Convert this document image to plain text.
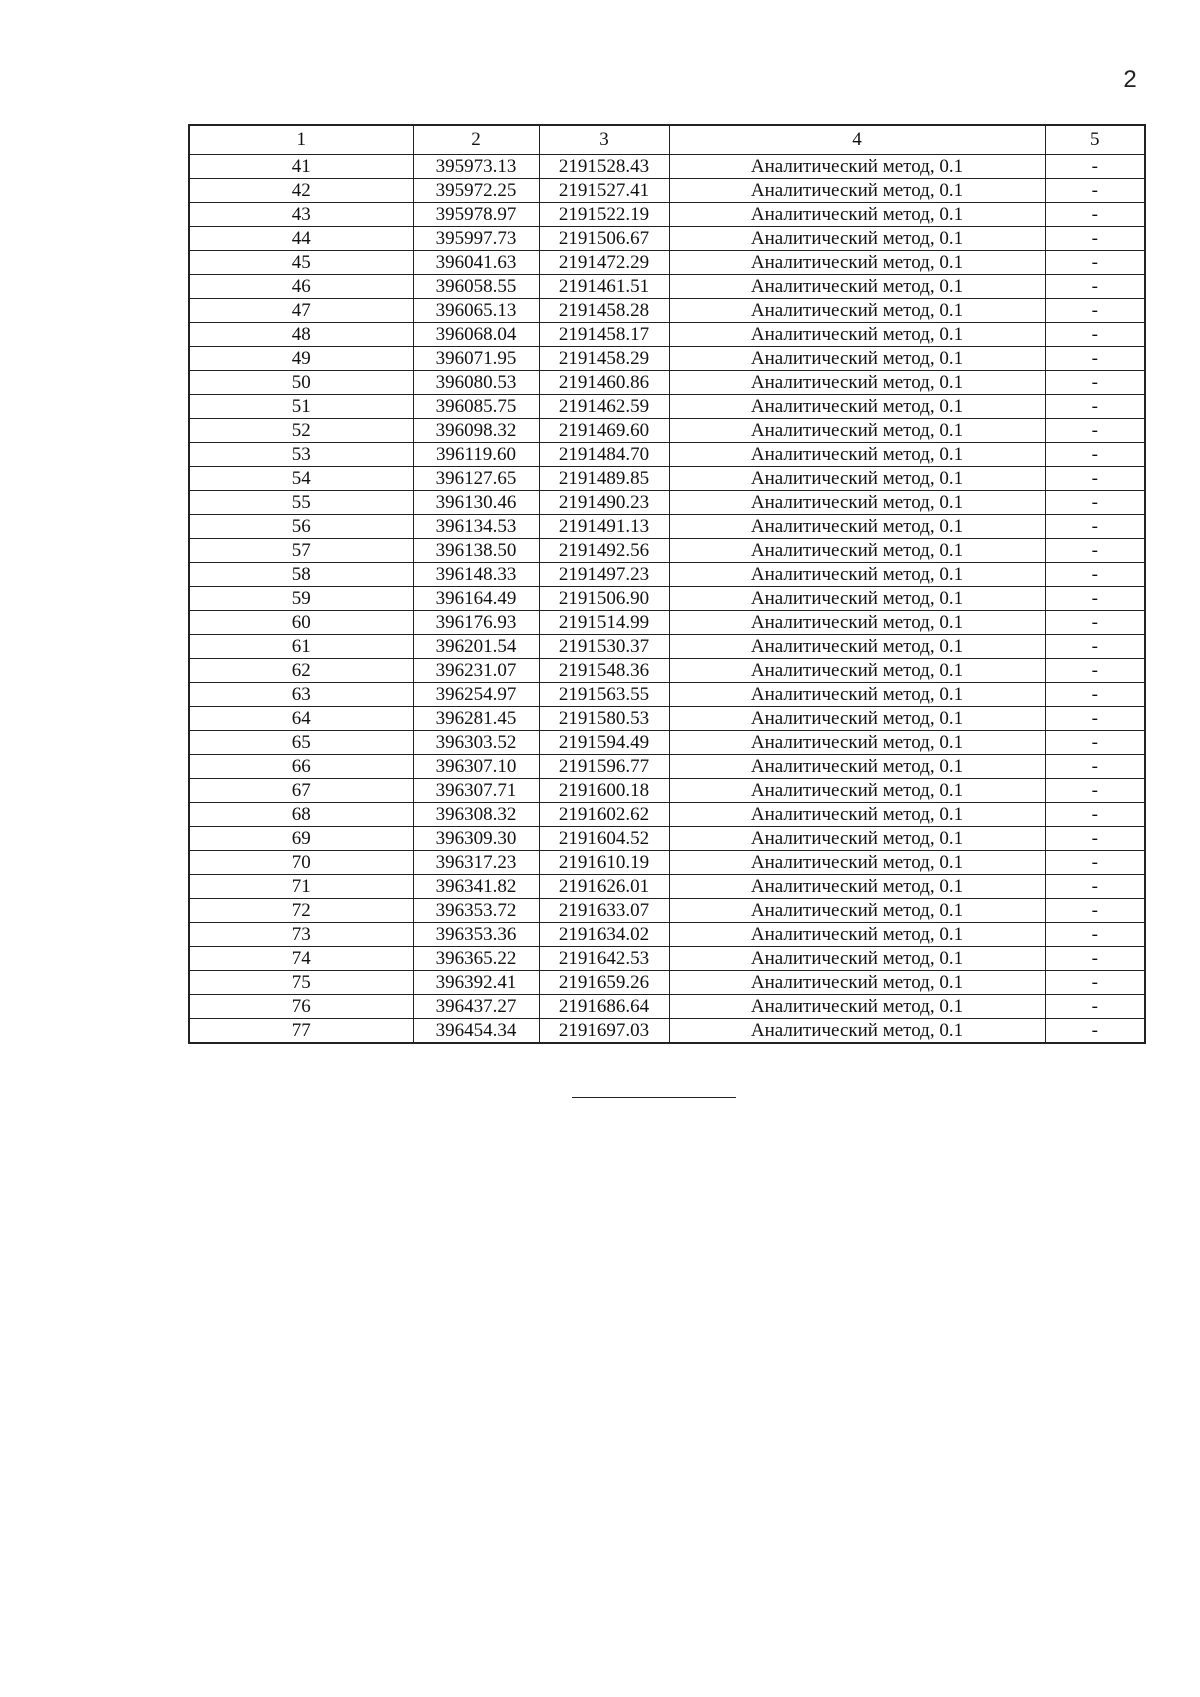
2
1	2	3	4	5
41	395973.13	2191528.43	Аналитический метод, 0.1	-
42	395972.25	2191527.41	Аналитический метод, 0.1	-
43	395978.97	2191522.19	Аналитический метод, 0.1	-
44	395997.73	2191506.67	Аналитический метод, 0.1	-
45	396041.63	2191472.29	Аналитический метод, 0.1	-
46	396058.55	2191461.51	Аналитический метод, 0.1	-
47	396065.13	2191458.28	Аналитический метод, 0.1	-
48	396068.04	2191458.17	Аналитический метод, 0.1	-
49	396071.95	2191458.29	Аналитический метод, 0.1	-
50	396080.53	2191460.86	Аналитический метод, 0.1	-
51	396085.75	2191462.59	Аналитический метод, 0.1	-
52	396098.32	2191469.60	Аналитический метод, 0.1	-
53	396119.60	2191484.70	Аналитический метод, 0.1	-
54	396127.65	2191489.85	Аналитический метод, 0.1	-
55	396130.46	2191490.23	Аналитический метод, 0.1	-
56	396134.53	2191491.13	Аналитический метод, 0.1	-
57	396138.50	2191492.56	Аналитический метод, 0.1	-
58	396148.33	2191497.23	Аналитический метод, 0.1	-
59	396164.49	2191506.90	Аналитический метод, 0.1	-
60	396176.93	2191514.99	Аналитический метод, 0.1	-
61	396201.54	2191530.37	Аналитический метод, 0.1	-
62	396231.07	2191548.36	Аналитический метод, 0.1	-
63	396254.97	2191563.55	Аналитический метод, 0.1	-
64	396281.45	2191580.53	Аналитический метод, 0.1	-
65	396303.52	2191594.49	Аналитический метод, 0.1	-
66	396307.10	2191596.77	Аналитический метод, 0.1	-
67	396307.71	2191600.18	Аналитический метод, 0.1	-
68	396308.32	2191602.62	Аналитический метод, 0.1	-
69	396309.30	2191604.52	Аналитический метод, 0.1	-
70	396317.23	2191610.19	Аналитический метод, 0.1	-
71	396341.82	2191626.01	Аналитический метод, 0.1	-
72	396353.72	2191633.07	Аналитический метод, 0.1	-
73	396353.36	2191634.02	Аналитический метод, 0.1	-
74	396365.22	2191642.53	Аналитический метод, 0.1	-
75	396392.41	2191659.26	Аналитический метод, 0.1	-
76	396437.27	2191686.64	Аналитический метод, 0.1	-
77	396454.34	2191697.03	Аналитический метод, 0.1	-
